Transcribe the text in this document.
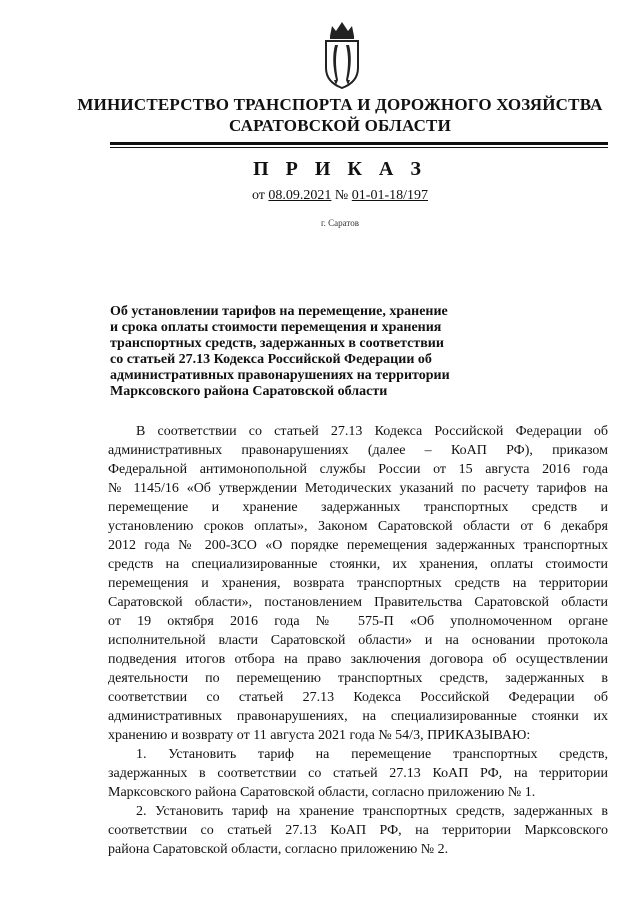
МИНИСТЕРСТВО ТРАНСПОРТА И ДОРОЖНОГО ХОЗЯЙСТВА
САРАТОВСКОЙ ОБЛАСТИ
П Р И К А З
от 08.09.2021 № 01-01-18/197
г. Саратов
Об установлении тарифов на перемещение, хранение
и срока оплаты стоимости перемещения и хранения
транспортных средств, задержанных в соответствии
со статьей 27.13 Кодекса Российской Федерации об
административных правонарушениях на территории
Марксовского района Саратовской области
В соответствии со статьей 27.13 Кодекса Российской Федерации об
административных правонарушениях (далее – КоАП РФ), приказом
Федеральной антимонопольной службы России от 15 августа 2016 года
№ 1145/16 «Об утверждении Методических указаний по расчету тарифов на
перемещение и хранение задержанных транспортных средств и
установлению сроков оплаты», Законом Саратовской области от 6 декабря
2012 года № 200-ЗСО «О порядке перемещения задержанных транспортных
средств на специализированные стоянки, их хранения, оплаты стоимости
перемещения и хранения, возврата транспортных средств на территории
Саратовской области», постановлением Правительства Саратовской области
от 19 октября 2016 года № 575-П «Об уполномоченном органе
исполнительной власти Саратовской области» и на основании протокола
подведения итогов отбора на право заключения договора об осуществлении
деятельности по перемещению транспортных средств, задержанных в
соответствии со статьей 27.13 Кодекса Российской Федерации об
административных правонарушениях, на специализированные стоянки их
хранению и возврату от 11 августа 2021 года № 54/3, ПРИКАЗЫВАЮ:
1. Установить тариф на перемещение транспортных средств,
задержанных в соответствии со статьей 27.13 КоАП РФ, на территории
Марксовского района Саратовской области, согласно приложению № 1.
2. Установить тариф на хранение транспортных средств, задержанных в
соответствии со статьей 27.13 КоАП РФ, на территории Марксовского
района Саратовской области, согласно приложению № 2.
